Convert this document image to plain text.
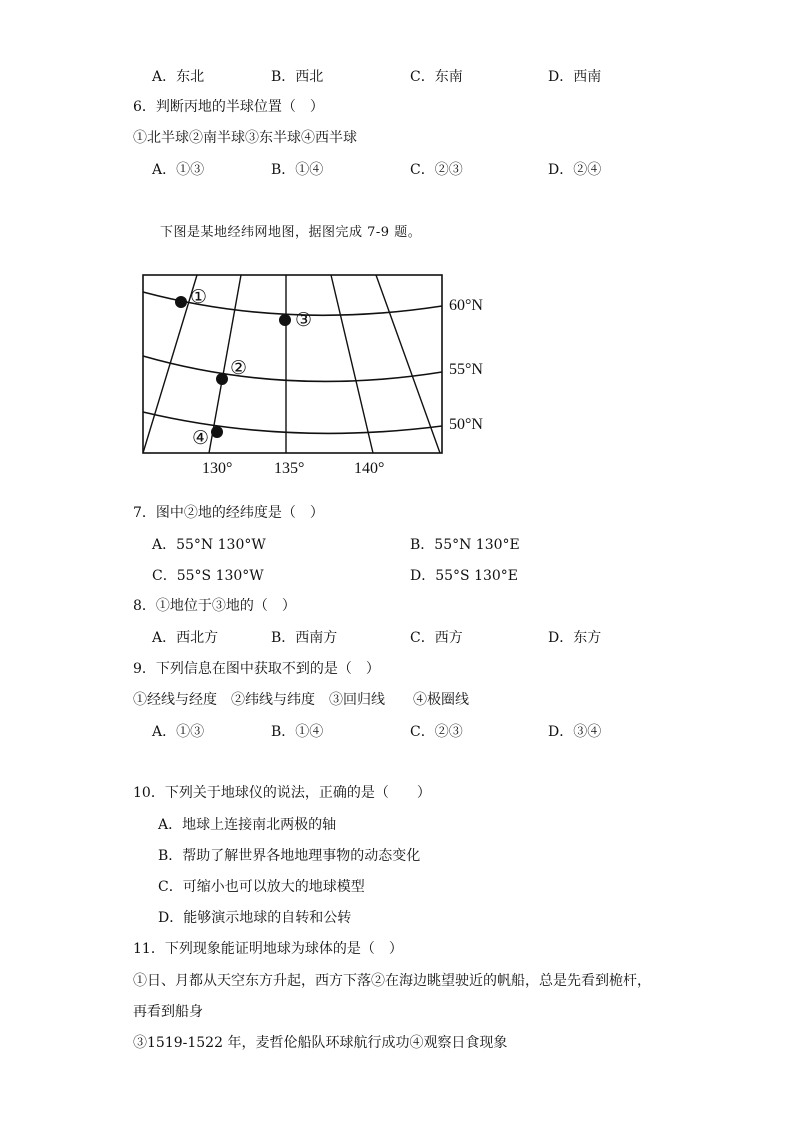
A．东北	B．西北	C．东南	D．西南
6．判断丙地的半球位置（　）
①北半球②南半球③东半球④西半球
A．①③	B．①④	C．②③	D．②④
下图是某地经纬网地图，据图完成 7-9 题。
①
③
②
④
60°N
55°N
50°N
130°	135°	140°
7．图中②地的经纬度是（　）
A．55°N 130°W	B．55°N 130°E
C．55°S 130°W	D．55°S 130°E
8．①地位于③地的（　）
A．西北方	B．西南方	C．西方	D．东方
9．下列信息在图中获取不到的是（　）
①经线与经度　②纬线与纬度　③回归线　　④极圈线
A．①③	B．①④	C．②③	D．③④
10．下列关于地球仪的说法，正确的是（　　）
A．地球上连接南北两极的轴
B．帮助了解世界各地地理事物的动态变化
C．可缩小也可以放大的地球模型
D．能够演示地球的自转和公转
11．下列现象能证明地球为球体的是（　）
①日、月都从天空东方升起，西方下落②在海边眺望驶近的帆船，总是先看到桅杆，
再看到船身
③1519-1522 年，麦哲伦船队环球航行成功④观察日食现象
